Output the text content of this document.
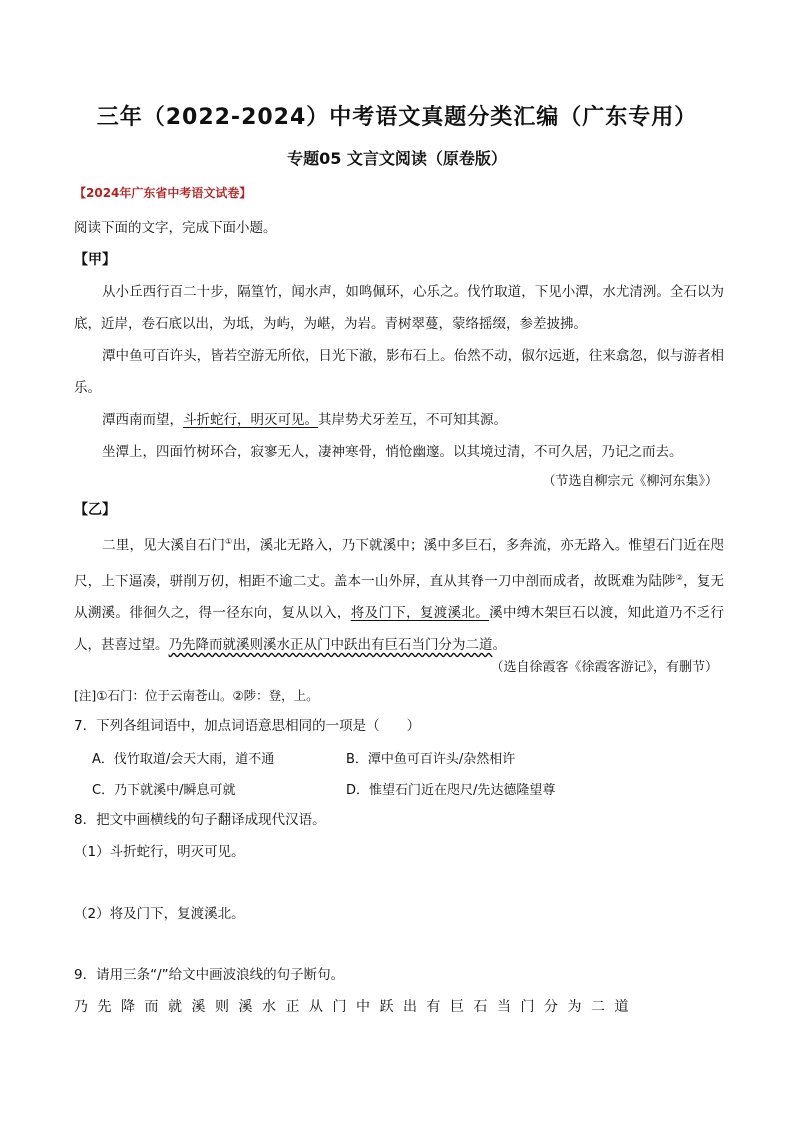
三年（2022-2024）中考语文真题分类汇编（广东专用）
专题05 文言文阅读（原卷版）
【2024年广东省中考语文试卷】
阅读下面的文字，完成下面小题。
【甲】
从小丘西行百二十步，隔篁竹，闻水声，如鸣佩环，心乐之。伐竹取道，下见小潭，水尤清洌。全石以为底，近岸，卷石底以出，为坻，为屿，为嵁，为岩。青树翠蔓，蒙络摇缀，参差披拂。
潭中鱼可百许头，皆若空游无所依，日光下澈，影布石上。佁然不动，俶尔远逝，往来翕忽，似与游者相乐。
潭西南而望，斗折蛇行，明灭可见。其岸势犬牙差互，不可知其源。
坐潭上，四面竹树环合，寂寥无人，凄神寒骨，悄怆幽邃。以其境过清，不可久居，乃记之而去。
（节选自柳宗元《柳河东集》）
【乙】
二里，见大溪自石门①出，溪北无路入，乃下就溪中；溪中多巨石，多奔流，亦无路入。惟望石门近在咫尺，上下逼凑，骈削万仞，相距不逾二丈。盖本一山外屏，直从其脊一刀中剖而成者，故既难为陆陟②，复无从溯溪。徘徊久之，得一径东向，复从以入，将及门下，复渡溪北。溪中缚木架巨石以渡，知此道乃不乏行人，甚喜过望。乃先降而就溪则溪水正从门中跃出有巨石当门分为二道。
（选自徐霞客《徐霞客游记》，有删节）
[注]①石门：位于云南苍山。②陟：登，上。
7．下列各组词语中，加点词语意思相同的一项是（　　）
A．伐竹取道/会天大雨，道不通	B．潭中鱼可百许头/杂然相许
C．乃下就溪中/瞬息可就	D．惟望石门近在咫尺/先达德隆望尊
8．把文中画横线的句子翻译成现代汉语。
（1）斗折蛇行，明灭可见。
（2）将及门下，复渡溪北。
9．请用三条“/”给文中画波浪线的句子断句。
乃先降而就溪则溪水正从门中跃出有巨石当门分为二道
